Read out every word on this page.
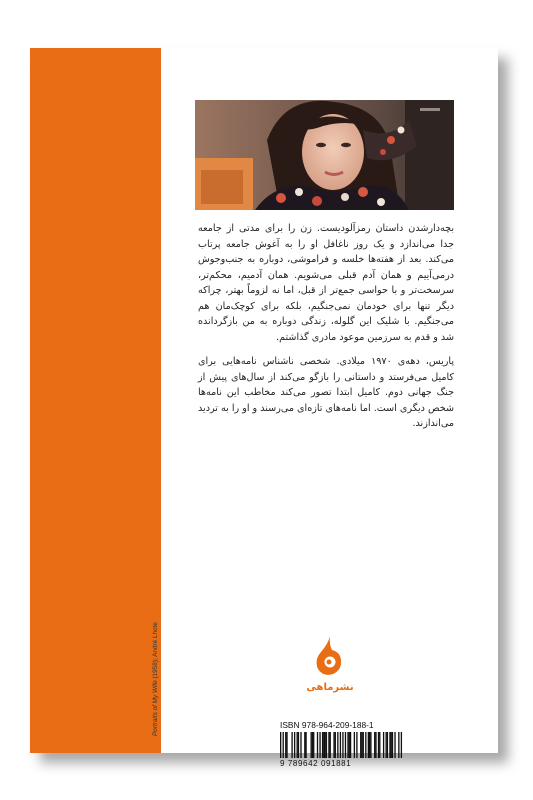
بچه‌دارشدن داستان رمزآلودیست. زن را برای مدتی از جامعه جدا می‌اندازد و یک روز ناغافل او را به آغوش جامعه پرتاب می‌کند. بعد از هفته‌ها خلسه و فراموشی، دوباره به جنب‌وجوش درمی‌آییم و همان آدم قبلی می‌شویم. همان آدمیم، محکم‌تر، سرسخت‌تر و با حواسی جمع‌تر از قبل، اما نه لزوماً بهتر، چراکه دیگر تنها برای خودمان نمی‌جنگیم، بلکه برای کوچک‌مان هم می‌جنگیم. با شلیک این گلوله، زندگی دوباره به من بازگردانده شد و قدم به سرزمین موعود مادری گذاشتم.

پاریس، دهه‌ی ۱۹۷۰ میلادی. شخصی ناشناس نامه‌هایی برای کامیل می‌فرستد و داستانی را بازگو می‌کند از سال‌های پیش از جنگ جهانی دوم. کامیل ابتدا تصور می‌کند مخاطب این نامه‌ها شخص دیگری است. اما نامه‌های تازه‌ای می‌رسند و او را به تردید می‌اندازند.

Portraits of My Wife (1958); André Lhote
نشرماهی

ISBN 978-964-209-188-1

9 789642 091881
